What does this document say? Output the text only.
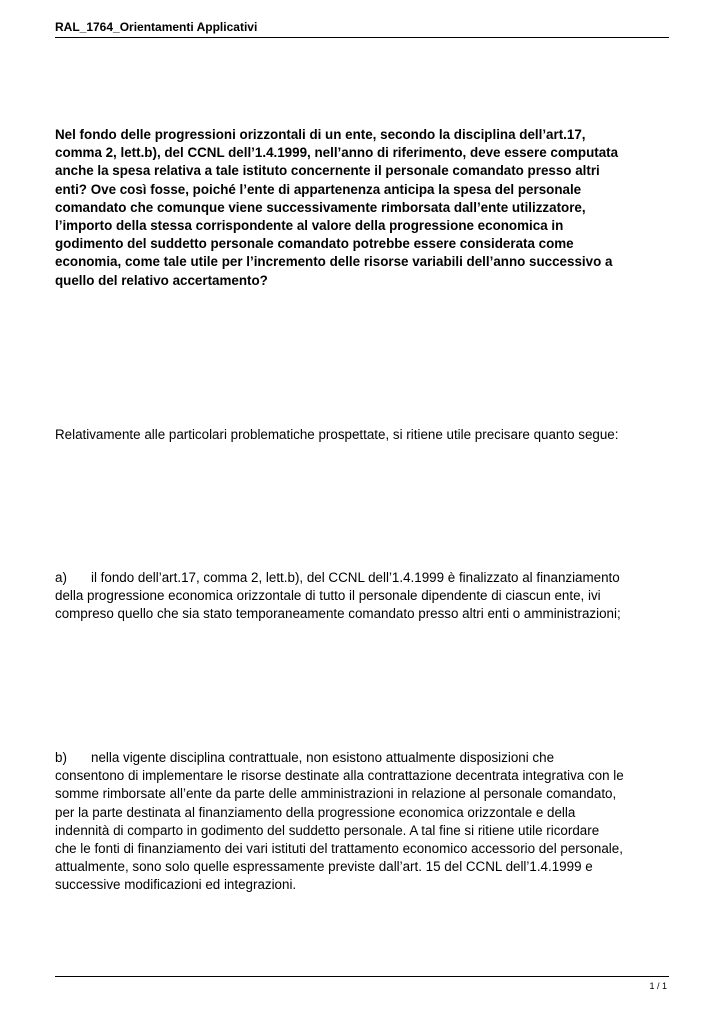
RAL_1764_Orientamenti Applicativi
Nel fondo delle progressioni orizzontali di un ente, secondo la disciplina dell’art.17,
comma 2, lett.b), del CCNL dell’1.4.1999, nell’anno di riferimento, deve essere computata
anche la spesa relativa a tale istituto concernente il personale comandato presso altri
enti? Ove così fosse, poiché l’ente di appartenenza anticipa la spesa del personale
comandato che comunque viene successivamente rimborsata dall’ente utilizzatore,
l’importo della stessa corrispondente al valore della progressione economica in
godimento del suddetto personale comandato potrebbe essere considerata come
economia, come tale utile per l’incremento delle risorse variabili dell’anno successivo a
quello del relativo accertamento?
Relativamente alle particolari problematiche prospettate, si ritiene utile precisare quanto segue:
a) il fondo dell’art.17, comma 2, lett.b), del CCNL dell’1.4.1999 è finalizzato al finanziamento
della progressione economica orizzontale di tutto il personale dipendente di ciascun ente, ivi
compreso quello che sia stato temporaneamente comandato presso altri enti o amministrazioni;
b) nella vigente disciplina contrattuale, non esistono attualmente disposizioni che
consentono di implementare le risorse destinate alla contrattazione decentrata integrativa con le
somme rimborsate all’ente da parte delle amministrazioni in relazione al personale comandato,
per la parte destinata al finanziamento della progressione economica orizzontale e della
indennità di comparto in godimento del suddetto personale. A tal fine si ritiene utile ricordare
che le fonti di finanziamento dei vari istituti del trattamento economico accessorio del personale,
attualmente, sono solo quelle espressamente previste dall’art. 15 del CCNL dell’1.4.1999 e
successive modificazioni ed integrazioni.
1 / 1
